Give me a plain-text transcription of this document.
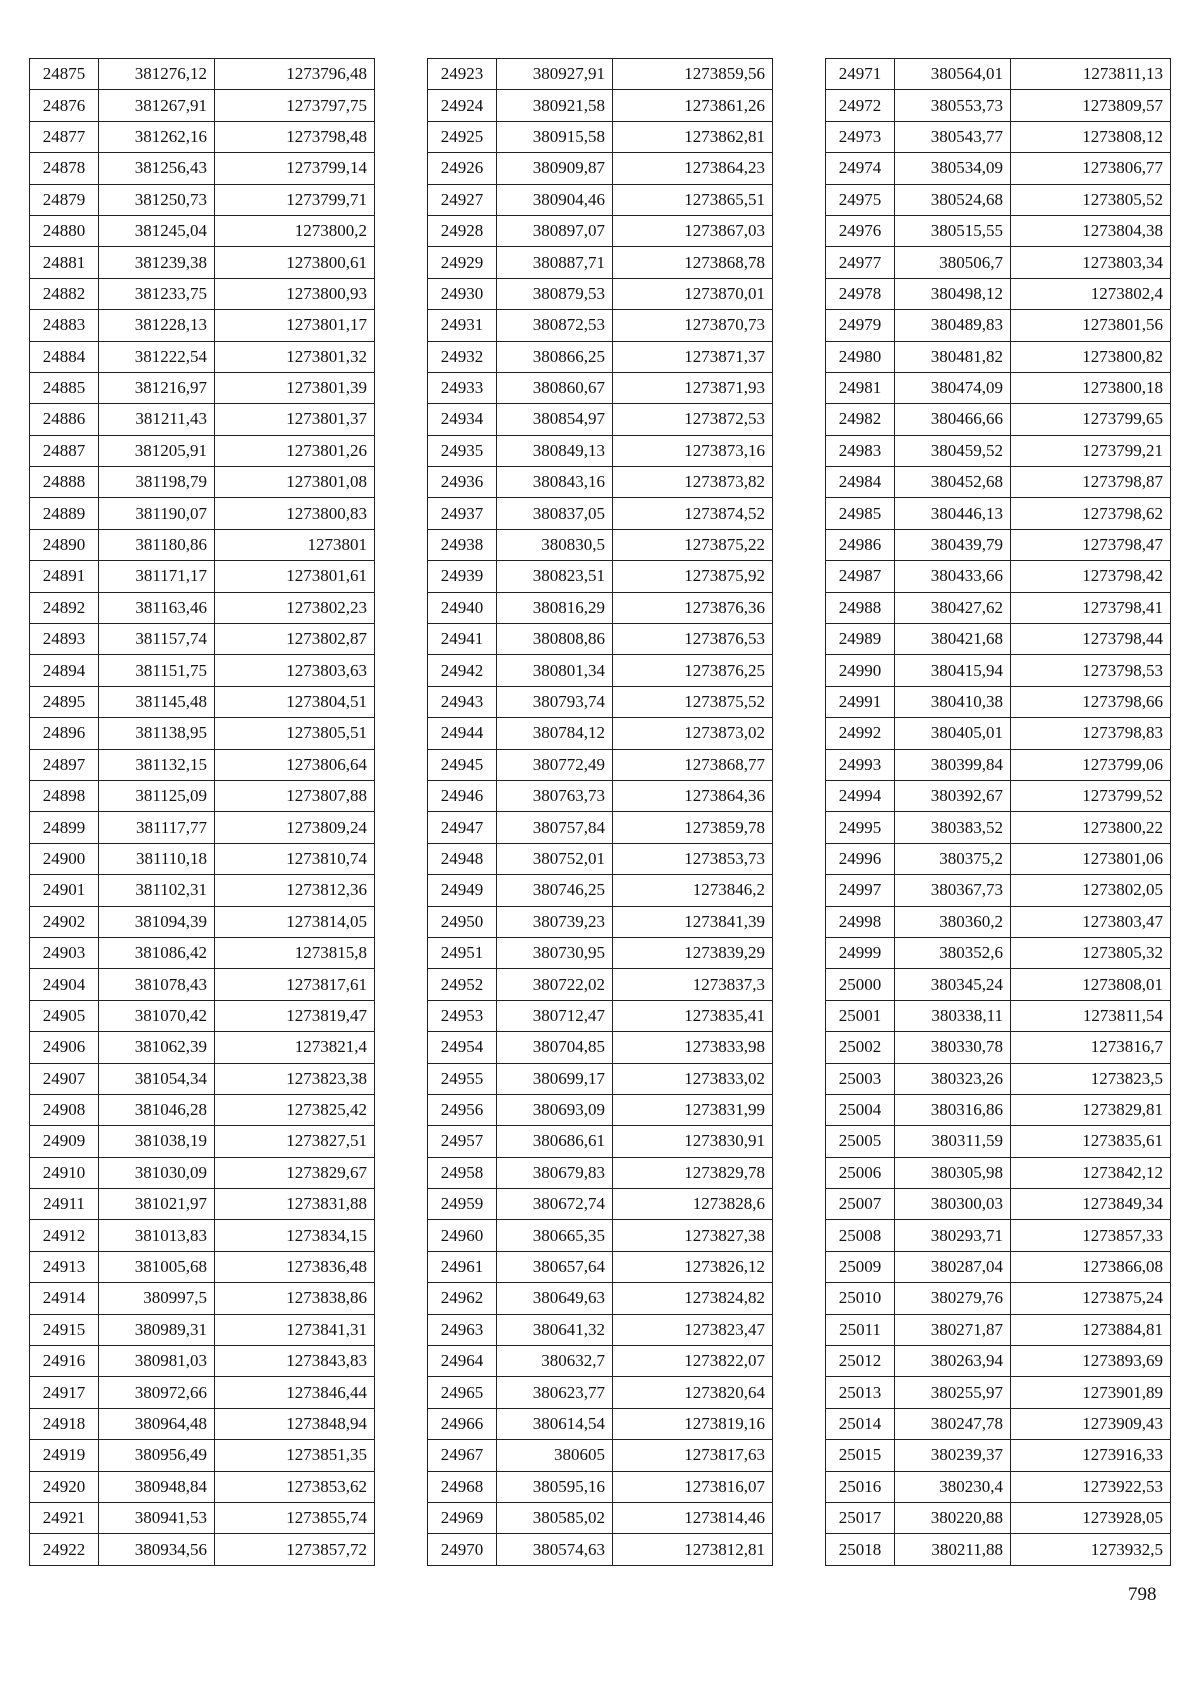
24875	381276,12	1273796,48
24876	381267,91	1273797,75
24877	381262,16	1273798,48
24878	381256,43	1273799,14
24879	381250,73	1273799,71
24880	381245,04	1273800,2
24881	381239,38	1273800,61
24882	381233,75	1273800,93
24883	381228,13	1273801,17
24884	381222,54	1273801,32
24885	381216,97	1273801,39
24886	381211,43	1273801,37
24887	381205,91	1273801,26
24888	381198,79	1273801,08
24889	381190,07	1273800,83
24890	381180,86	1273801
24891	381171,17	1273801,61
24892	381163,46	1273802,23
24893	381157,74	1273802,87
24894	381151,75	1273803,63
24895	381145,48	1273804,51
24896	381138,95	1273805,51
24897	381132,15	1273806,64
24898	381125,09	1273807,88
24899	381117,77	1273809,24
24900	381110,18	1273810,74
24901	381102,31	1273812,36
24902	381094,39	1273814,05
24903	381086,42	1273815,8
24904	381078,43	1273817,61
24905	381070,42	1273819,47
24906	381062,39	1273821,4
24907	381054,34	1273823,38
24908	381046,28	1273825,42
24909	381038,19	1273827,51
24910	381030,09	1273829,67
24911	381021,97	1273831,88
24912	381013,83	1273834,15
24913	381005,68	1273836,48
24914	380997,5	1273838,86
24915	380989,31	1273841,31
24916	380981,03	1273843,83
24917	380972,66	1273846,44
24918	380964,48	1273848,94
24919	380956,49	1273851,35
24920	380948,84	1273853,62
24921	380941,53	1273855,74
24922	380934,56	1273857,72
24923	380927,91	1273859,56
24924	380921,58	1273861,26
24925	380915,58	1273862,81
24926	380909,87	1273864,23
24927	380904,46	1273865,51
24928	380897,07	1273867,03
24929	380887,71	1273868,78
24930	380879,53	1273870,01
24931	380872,53	1273870,73
24932	380866,25	1273871,37
24933	380860,67	1273871,93
24934	380854,97	1273872,53
24935	380849,13	1273873,16
24936	380843,16	1273873,82
24937	380837,05	1273874,52
24938	380830,5	1273875,22
24939	380823,51	1273875,92
24940	380816,29	1273876,36
24941	380808,86	1273876,53
24942	380801,34	1273876,25
24943	380793,74	1273875,52
24944	380784,12	1273873,02
24945	380772,49	1273868,77
24946	380763,73	1273864,36
24947	380757,84	1273859,78
24948	380752,01	1273853,73
24949	380746,25	1273846,2
24950	380739,23	1273841,39
24951	380730,95	1273839,29
24952	380722,02	1273837,3
24953	380712,47	1273835,41
24954	380704,85	1273833,98
24955	380699,17	1273833,02
24956	380693,09	1273831,99
24957	380686,61	1273830,91
24958	380679,83	1273829,78
24959	380672,74	1273828,6
24960	380665,35	1273827,38
24961	380657,64	1273826,12
24962	380649,63	1273824,82
24963	380641,32	1273823,47
24964	380632,7	1273822,07
24965	380623,77	1273820,64
24966	380614,54	1273819,16
24967	380605	1273817,63
24968	380595,16	1273816,07
24969	380585,02	1273814,46
24970	380574,63	1273812,81
24971	380564,01	1273811,13
24972	380553,73	1273809,57
24973	380543,77	1273808,12
24974	380534,09	1273806,77
24975	380524,68	1273805,52
24976	380515,55	1273804,38
24977	380506,7	1273803,34
24978	380498,12	1273802,4
24979	380489,83	1273801,56
24980	380481,82	1273800,82
24981	380474,09	1273800,18
24982	380466,66	1273799,65
24983	380459,52	1273799,21
24984	380452,68	1273798,87
24985	380446,13	1273798,62
24986	380439,79	1273798,47
24987	380433,66	1273798,42
24988	380427,62	1273798,41
24989	380421,68	1273798,44
24990	380415,94	1273798,53
24991	380410,38	1273798,66
24992	380405,01	1273798,83
24993	380399,84	1273799,06
24994	380392,67	1273799,52
24995	380383,52	1273800,22
24996	380375,2	1273801,06
24997	380367,73	1273802,05
24998	380360,2	1273803,47
24999	380352,6	1273805,32
25000	380345,24	1273808,01
25001	380338,11	1273811,54
25002	380330,78	1273816,7
25003	380323,26	1273823,5
25004	380316,86	1273829,81
25005	380311,59	1273835,61
25006	380305,98	1273842,12
25007	380300,03	1273849,34
25008	380293,71	1273857,33
25009	380287,04	1273866,08
25010	380279,76	1273875,24
25011	380271,87	1273884,81
25012	380263,94	1273893,69
25013	380255,97	1273901,89
25014	380247,78	1273909,43
25015	380239,37	1273916,33
25016	380230,4	1273922,53
25017	380220,88	1273928,05
25018	380211,88	1273932,5
798
